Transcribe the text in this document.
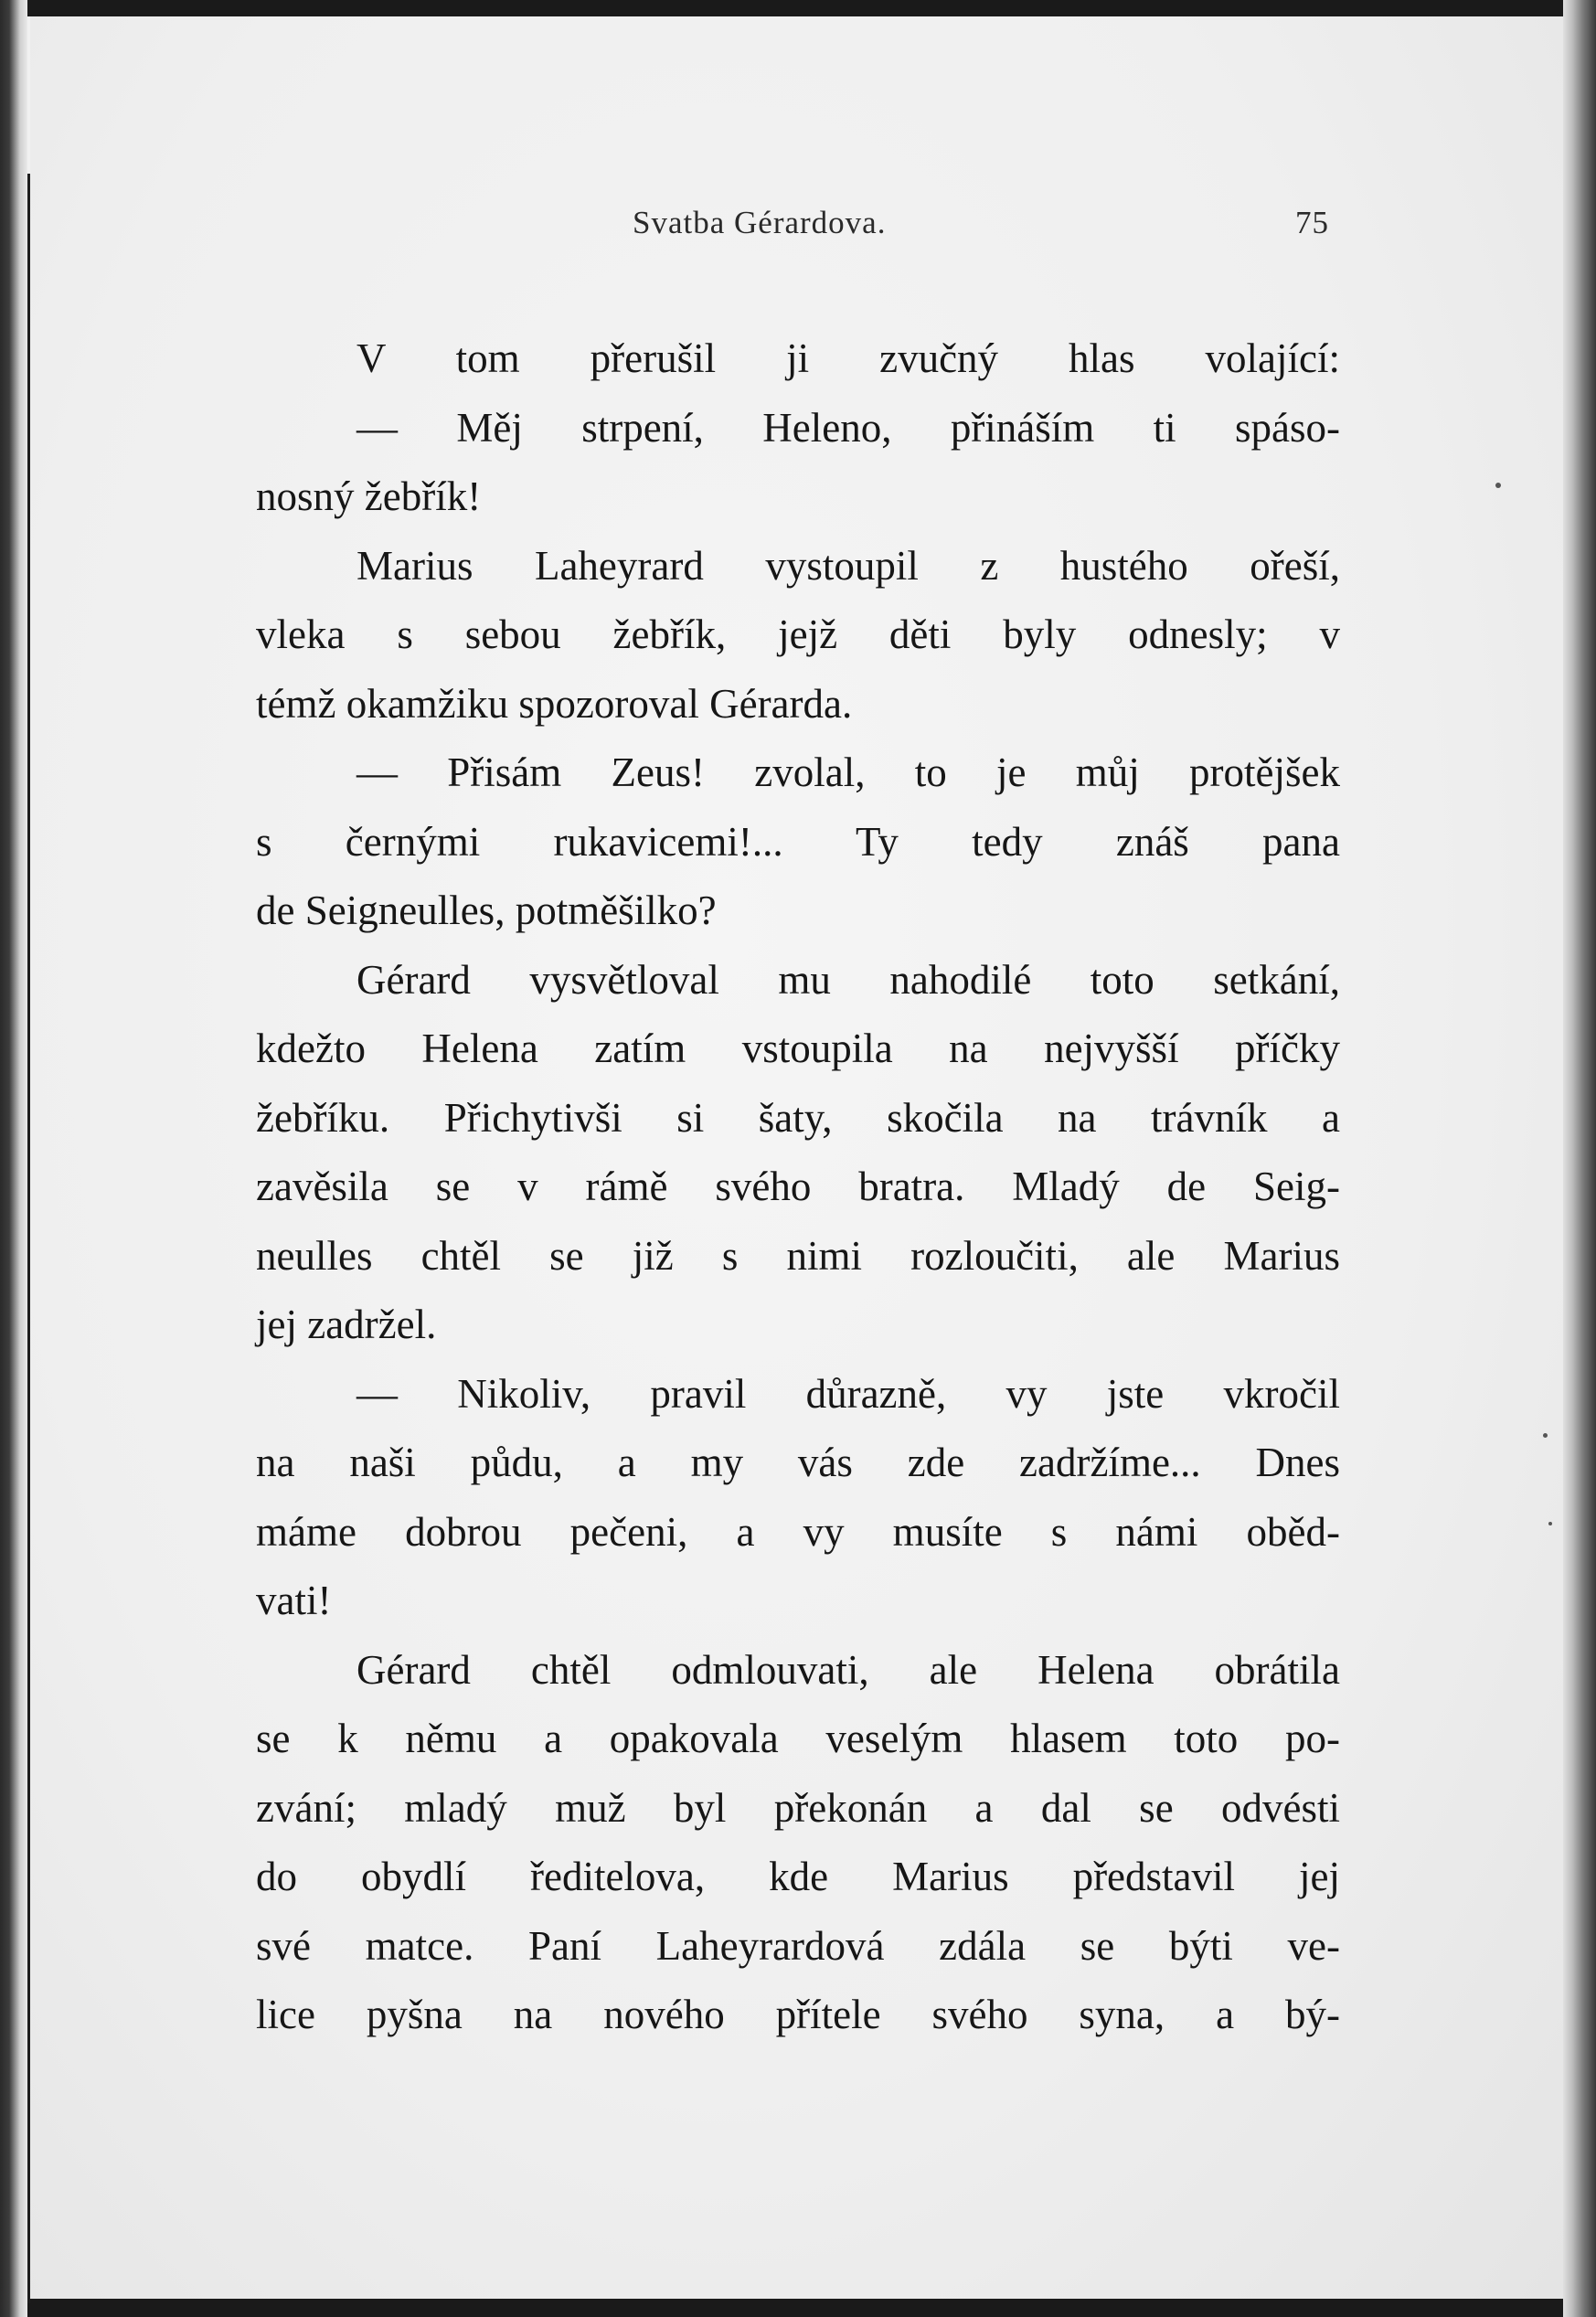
Svatba Gérardova.	75
V tom přerušil ji zvučný hlas volající:
— Měj strpení, Heleno, přináším ti spáso-
nosný žebřík!
Marius Laheyrard vystoupil z hustého ořeší,
vleka s sebou žebřík, jejž děti byly odnesly; v
témž okamžiku spozoroval Gérarda.
— Přisám Zeus! zvolal, to je můj protějšek
s černými rukavicemi!... Ty tedy znáš pana
de Seigneulles, potměšilko?
Gérard vysvětloval mu nahodilé toto setkání,
kdežto Helena zatím vstoupila na nejvyšší příčky
žebříku. Přichytivši si šaty, skočila na trávník a
zavěsila se v rámě svého bratra. Mladý de Seig-
neulles chtěl se již s nimi rozloučiti, ale Marius
jej zadržel.
— Nikoliv, pravil důrazně, vy jste vkročil
na naši půdu, a my vás zde zadržíme... Dnes
máme dobrou pečeni, a vy musíte s námi oběd-
vati!
Gérard chtěl odmlouvati, ale Helena obrátila
se k němu a opakovala veselým hlasem toto po-
zvání; mladý muž byl překonán a dal se odvésti
do obydlí ředitelova, kde Marius představil jej
své matce. Paní Laheyrardová zdála se býti ve-
lice pyšna na nového přítele svého syna, a bý-
